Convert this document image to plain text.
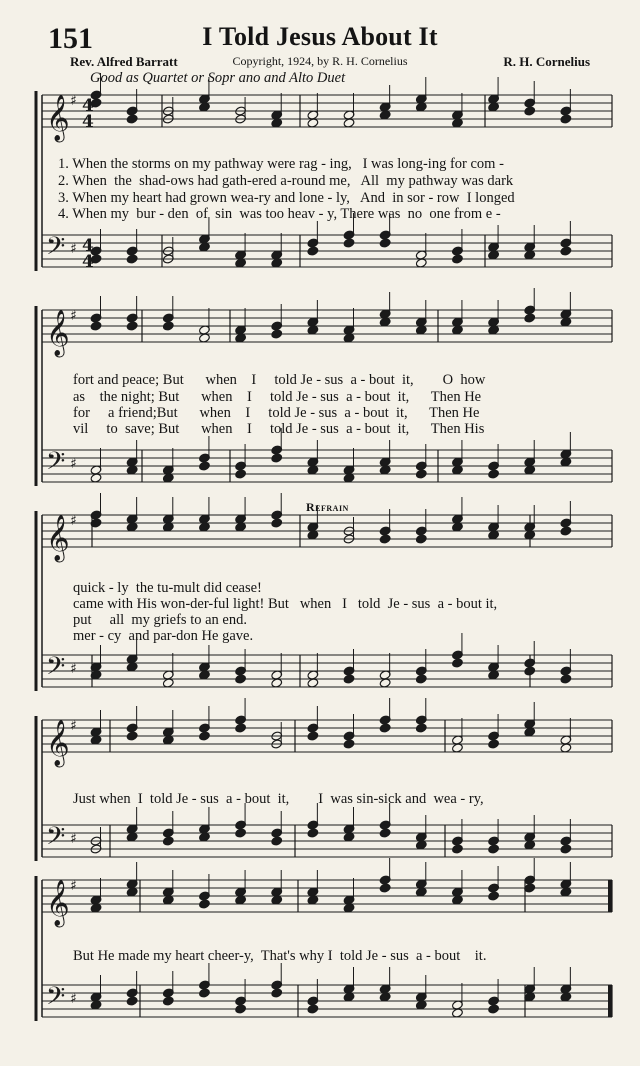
151	I Told Jesus About It
Rev. Alfred Barratt	Copyright, 1924, by R. H. Cornelius	R. H. Cornelius
Good as Quartet or Sopr ano and Alto Duet
Refrain
𝄞 ♯
𝄢 ♯
𝄞 ♯
𝄢 ♯
𝄞 ♯
𝄢 ♯
𝄞 ♯
𝄢 ♯
𝄞 ♯
𝄢 ♯
4
4
4
4
1. When the storms on my pathway were rag - ing,   I was long-ing for com -
2. When  the  shad-ows had gath-ered a-round me,   All  my pathway was dark
3. When my heart had grown wea-ry and lone - ly,   And  in sor - row  I longed
4. When my  bur - den  of  sin  was too heav - y, There was  no  one from e -
fort and peace; But      when    I     told Je - sus  a - bout  it,        O  how
as    the night; But      when    I     told Je - sus  a - bout  it,      Then He
for     a friend;But      when    I     told Je - sus  a - bout  it,      Then He
vil     to  save; But      when    I     told Je - sus  a - bout  it,      Then His
quick - ly  the tu-mult did cease!
came with His won-der-ful light! But   when   I   told  Je - sus  a - bout it,
put     all  my griefs to an end.
mer - cy  and par-don He gave.
Just when  I  told Je - sus  a - bout  it,        I  was sin-sick and  wea - ry,
But He made my heart cheer-y,  That's why I  told Je - sus  a - bout    it.
